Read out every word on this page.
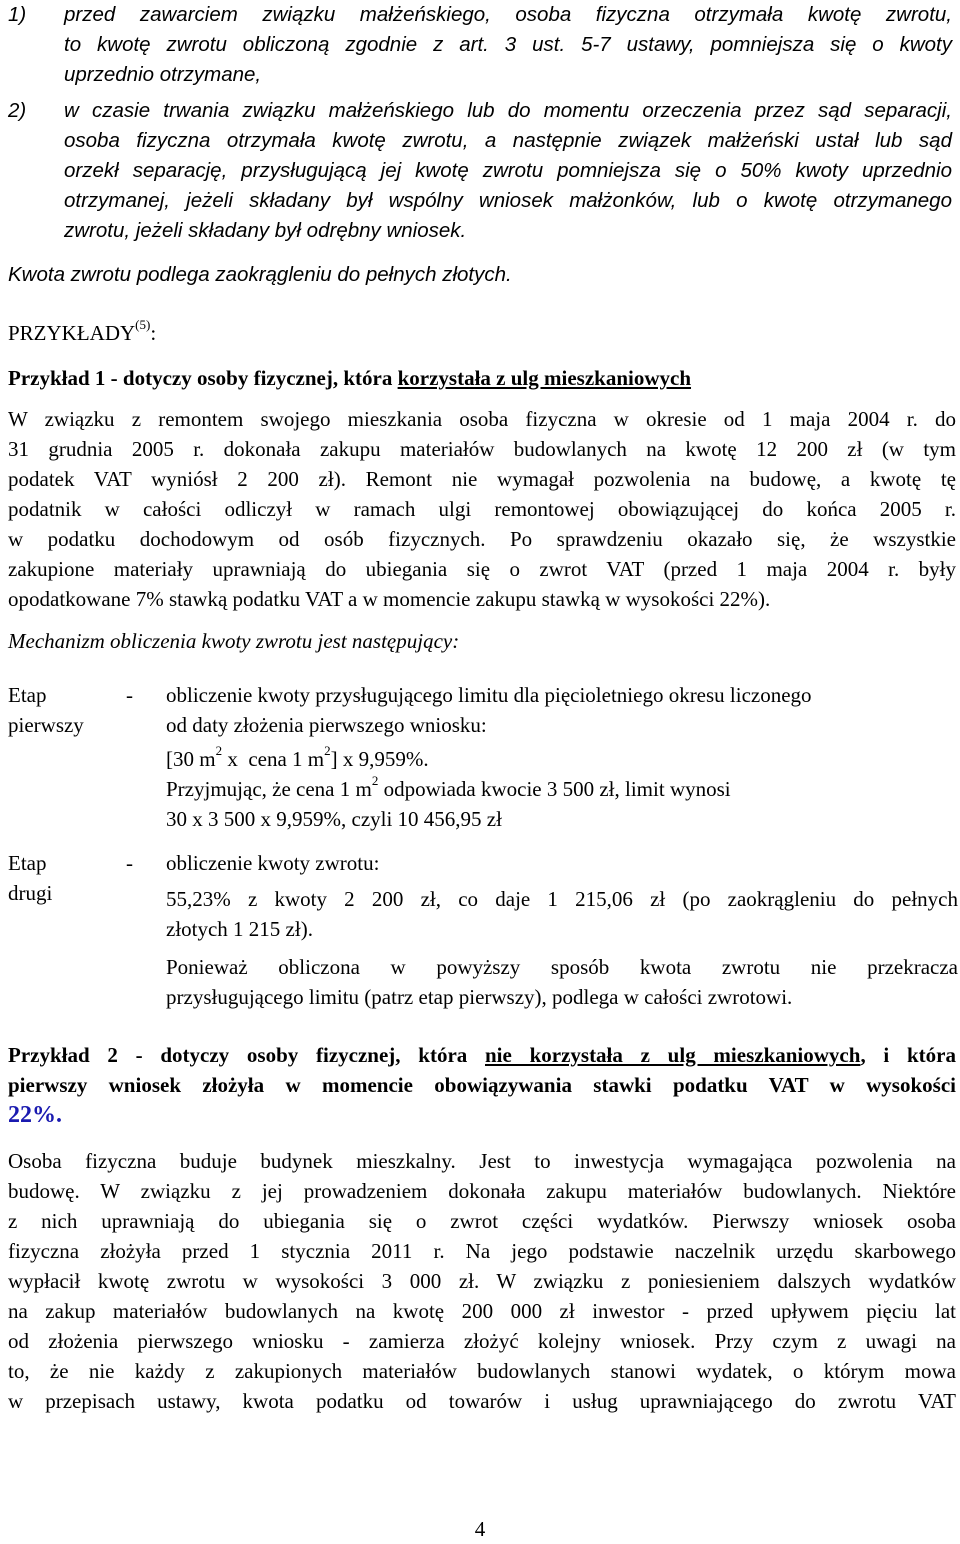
1)	przed zawarciem związku małżeńskiego, osoba fizyczna otrzymała kwotę zwrotu,
to kwotę zwrotu obliczoną zgodnie z art. 3 ust. 5-7 ustawy, pomniejsza się o kwoty
uprzednio otrzymane,
2)	w czasie trwania związku małżeńskiego lub do momentu orzeczenia przez sąd separacji,
osoba fizyczna otrzymała kwotę zwrotu, a następnie związek małżeński ustał lub sąd
orzekł separację, przysługującą jej kwotę zwrotu pomniejsza się o 50% kwoty uprzednio
otrzymanej, jeżeli składany był wspólny wniosek małżonków, lub o kwotę otrzymanego
zwrotu, jeżeli składany był odrębny wniosek.
Kwota zwrotu podlega zaokrągleniu do pełnych złotych.
PRZYKŁADY$^{(5)}$:
Przykład 1 - dotyczy osoby fizycznej, która korzystała z ulg mieszkaniowych
W związku z remontem swojego mieszkania osoba fizyczna w okresie od 1 maja 2004 r. do
31 grudnia 2005 r. dokonała zakupu materiałów budowlanych na kwotę 12 200 zł (w tym
podatek VAT wyniósł 2 200 zł). Remont nie wymagał pozwolenia na budowę, a kwotę tę
podatnik w całości odliczył w ramach ulgi remontowej obowiązującej do końca 2005 r.
w podatku dochodowym od osób fizycznych. Po sprawdzeniu okazało się, że wszystkie
zakupione materiały uprawniają do ubiegania się o zwrot VAT (przed 1 maja 2004 r. były
opodatkowane 7% stawką podatku VAT a w momencie zakupu stawką w wysokości 22%).
Mechanizm obliczenia kwoty zwrotu jest następujący:
Etap
pierwszy
-	obliczenie kwoty przysługującego limitu dla pięcioletniego okresu liczonego
od daty złożenia pierwszego wniosku:
[30 $m^2$ x  cena 1 $m^2$] x 9,959%.
Przyjmując, że cena 1 $m^2$ odpowiada kwocie 3 500 zł, limit wynosi
30 x 3 500 x 9,959%, czyli 10 456,95 zł
Etap
drugi
-	obliczenie kwoty zwrotu:
55,23% z kwoty 2 200 zł, co daje 1 215,06 zł (po zaokrągleniu do pełnych
złotych 1 215 zł).
Ponieważ obliczona w powyższy sposób kwota zwrotu nie przekracza
przysługującego limitu (patrz etap pierwszy), podlega w całości zwrotowi.
Przykład 2 - dotyczy osoby fizycznej, która nie korzystała z ulg mieszkaniowych, i która
pierwszy wniosek złożyła w momencie obowiązywania stawki podatku VAT w wysokości
22%.
Osoba fizyczna buduje budynek mieszkalny. Jest to inwestycja wymagająca pozwolenia na
budowę. W związku z jej prowadzeniem dokonała zakupu materiałów budowlanych. Niektóre
z nich uprawniają do ubiegania się o zwrot części wydatków. Pierwszy wniosek osoba
fizyczna złożyła przed 1 stycznia 2011 r. Na jego podstawie naczelnik urzędu skarbowego
wypłacił kwotę zwrotu w wysokości 3 000 zł. W związku z poniesieniem dalszych wydatków
na zakup materiałów budowlanych na kwotę 200 000 zł inwestor - przed upływem pięciu lat
od złożenia pierwszego wniosku - zamierza złożyć kolejny wniosek. Przy czym z uwagi na
to, że nie każdy z zakupionych materiałów budowlanych stanowi wydatek, o którym mowa
w przepisach ustawy, kwota podatku od towarów i usług uprawniającego do zwrotu VAT
4
